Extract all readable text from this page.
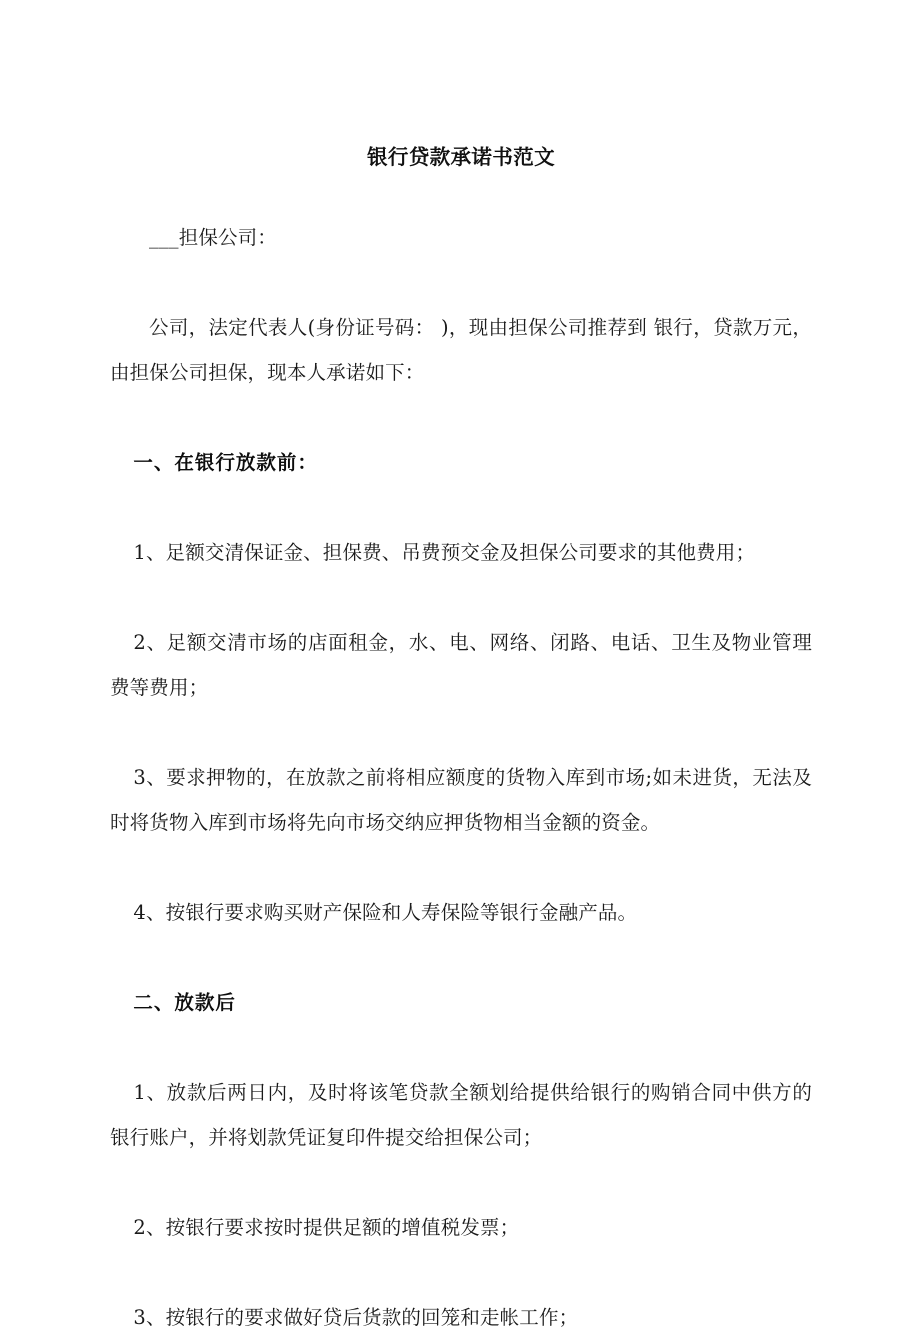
银行贷款承诺书范文

___担保公司：

公司，法定代表人(身份证号码： )，现由担保公司推荐到 银行，贷款万元，由担保公司担保，现本人承诺如下：

一、在银行放款前：

1、足额交清保证金、担保费、吊费预交金及担保公司要求的其他费用；

2、足额交清市场的店面租金，水、电、网络、闭路、电话、卫生及物业管理费等费用；

3、要求押物的，在放款之前将相应额度的货物入库到市场;如未进货，无法及时将货物入库到市场将先向市场交纳应押货物相当金额的资金。

4、按银行要求购买财产保险和人寿保险等银行金融产品。

二、放款后

1、放款后两日内，及时将该笔贷款全额划给提供给银行的购销合同中供方的银行账户，并将划款凭证复印件提交给担保公司；

2、按银行要求按时提供足额的增值税发票；

3、按银行的要求做好贷后货款的回笼和走帐工作；
